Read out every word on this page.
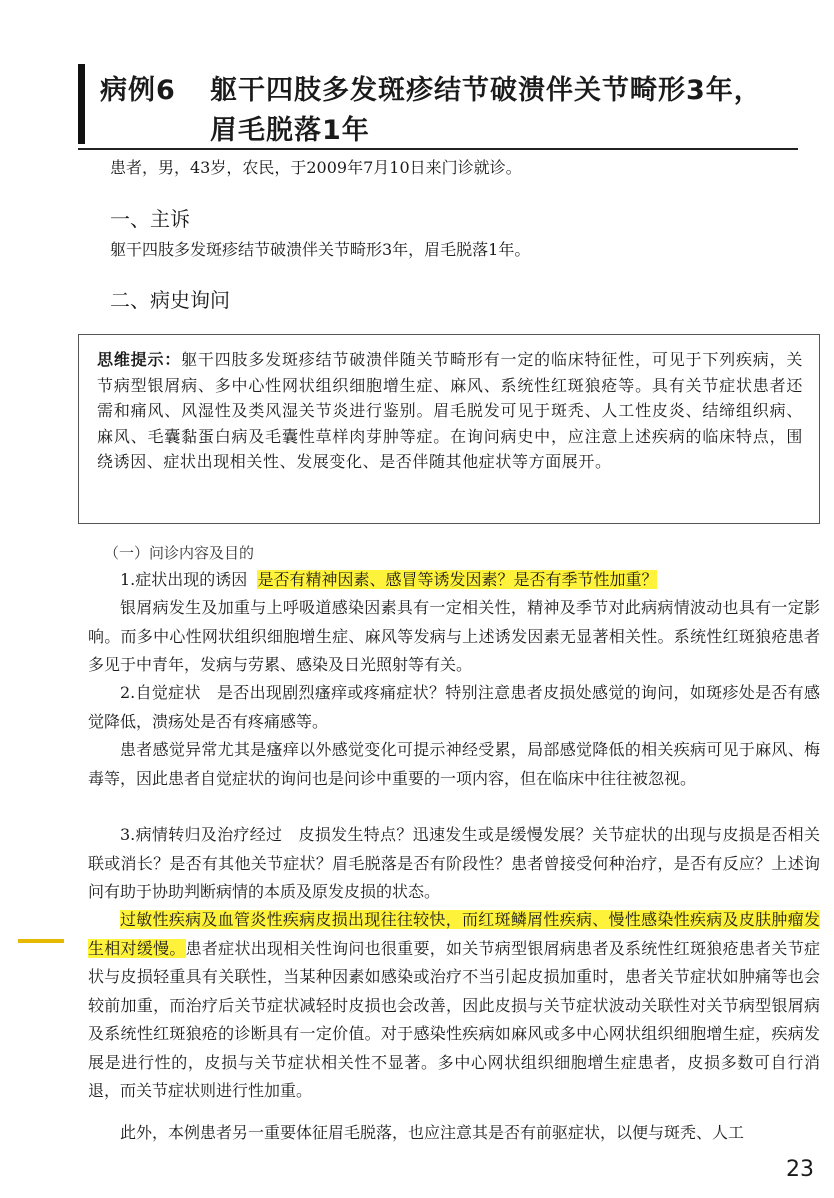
病例6 躯干四肢多发斑疹结节破溃伴关节畸形3年，
眉毛脱落1年
患者，男，43岁，农民，于2009年7月10日来门诊就诊。
一、主诉
躯干四肢多发斑疹结节破溃伴关节畸形3年，眉毛脱落1年。
二、病史询问
思维提示：躯干四肢多发斑疹结节破溃伴随关节畸形有一定的临床特征性，可见于下列疾病，关节病型银屑病、多中心性网状组织细胞增生症、麻风、系统性红斑狼疮等。具有关节症状患者还需和痛风、风湿性及类风湿关节炎进行鉴别。眉毛脱发可见于斑秃、人工性皮炎、结缔组织病、麻风、毛囊黏蛋白病及毛囊性草样肉芽肿等症。在询问病史中，应注意上述疾病的临床特点，围绕诱因、症状出现相关性、发展变化、是否伴随其他症状等方面展开。
（一）问诊内容及目的
1.症状出现的诱因 是否有精神因素、感冒等诱发因素？是否有季节性加重？
银屑病发生及加重与上呼吸道感染因素具有一定相关性，精神及季节对此病病情波动也具有一定影响。而多中心性网状组织细胞增生症、麻风等发病与上述诱发因素无显著相关性。系统性红斑狼疮患者多见于中青年，发病与劳累、感染及日光照射等有关。
2.自觉症状 是否出现剧烈瘙痒或疼痛症状？特别注意患者皮损处感觉的询问，如斑疹处是否有感觉降低，溃疡处是否有疼痛感等。
患者感觉异常尤其是瘙痒以外感觉变化可提示神经受累，局部感觉降低的相关疾病可见于麻风、梅毒等，因此患者自觉症状的询问也是问诊中重要的一项内容，但在临床中往往被忽视。
3.病情转归及治疗经过 皮损发生特点？迅速发生或是缓慢发展？关节症状的出现与皮损是否相关联或消长？是否有其他关节症状？眉毛脱落是否有阶段性？患者曾接受何种治疗，是否有反应？上述询问有助于协助判断病情的本质及原发皮损的状态。
过敏性疾病及血管炎性疾病皮损出现往往较快，而红斑鳞屑性疾病、慢性感染性疾病及皮肤肿瘤发生相对缓慢。患者症状出现相关性询问也很重要，如关节病型银屑病患者及系统性红斑狼疮患者关节症状与皮损轻重具有关联性，当某种因素如感染或治疗不当引起皮损加重时，患者关节症状如肿痛等也会较前加重，而治疗后关节症状减轻时皮损也会改善，因此皮损与关节症状波动关联性对关节病型银屑病及系统性红斑狼疮的诊断具有一定价值。对于感染性疾病如麻风或多中心网状组织细胞增生症，疾病发展是进行性的，皮损与关节症状相关性不显著。多中心网状组织细胞增生症患者，皮损多数可自行消退，而关节症状则进行性加重。
此外，本例患者另一重要体征眉毛脱落，也应注意其是否有前驱症状，以便与斑秃、人工
23
